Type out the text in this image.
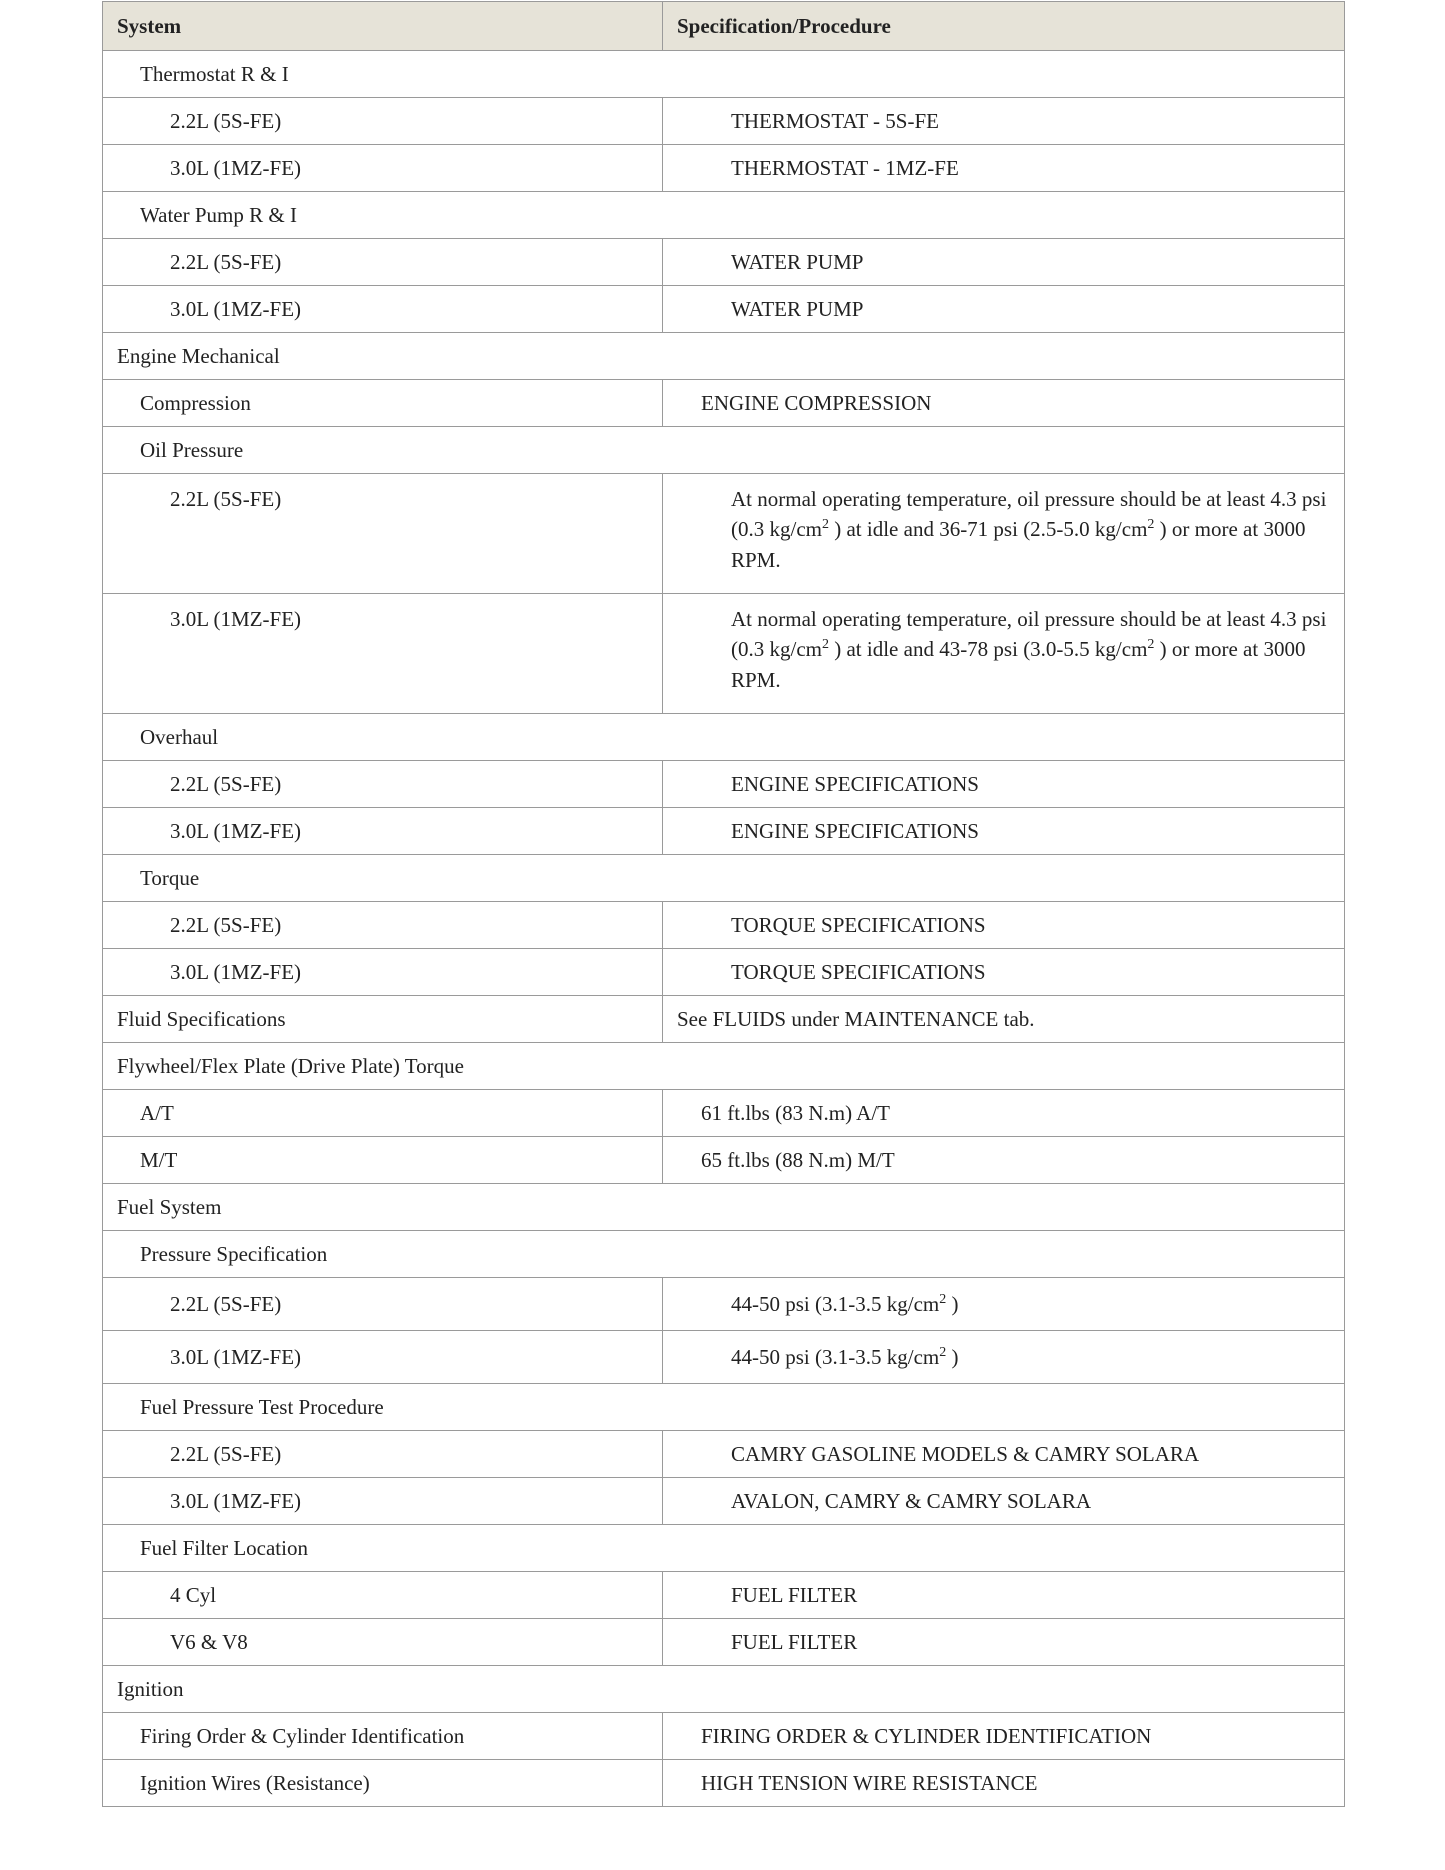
System	Specification/Procedure
Thermostat R & I	
2.2L (5S-FE)	THERMOSTAT - 5S-FE
3.0L (1MZ-FE)	THERMOSTAT - 1MZ-FE
Water Pump R & I	
2.2L (5S-FE)	WATER PUMP
3.0L (1MZ-FE)	WATER PUMP
Engine Mechanical	
Compression	ENGINE COMPRESSION
Oil Pressure	
2.2L (5S-FE)	At normal operating temperature, oil pressure should be at least 4.3 psi (0.3 $kg/cm^2$ ) at idle and 36-71 psi (2.5-5.0 $kg/cm^2$ ) or more at 3000 RPM.
3.0L (1MZ-FE)	At normal operating temperature, oil pressure should be at least 4.3 psi (0.3 $kg/cm^2$ ) at idle and 43-78 psi (3.0-5.5 $kg/cm^2$ ) or more at 3000 RPM.
Overhaul	
2.2L (5S-FE)	ENGINE SPECIFICATIONS
3.0L (1MZ-FE)	ENGINE SPECIFICATIONS
Torque	
2.2L (5S-FE)	TORQUE SPECIFICATIONS
3.0L (1MZ-FE)	TORQUE SPECIFICATIONS
Fluid Specifications	See FLUIDS under MAINTENANCE tab.
Flywheel/Flex Plate (Drive Plate) Torque	
A/T	61 ft.lbs (83 N.m) A/T
M/T	65 ft.lbs (88 N.m) M/T
Fuel System	
Pressure Specification	
2.2L (5S-FE)	44-50 psi (3.1-3.5 $kg/cm^2$ )
3.0L (1MZ-FE)	44-50 psi (3.1-3.5 $kg/cm^2$ )
Fuel Pressure Test Procedure	
2.2L (5S-FE)	CAMRY GASOLINE MODELS & CAMRY SOLARA
3.0L (1MZ-FE)	AVALON, CAMRY & CAMRY SOLARA
Fuel Filter Location	
4 Cyl	FUEL FILTER
V6 & V8	FUEL FILTER
Ignition	
Firing Order & Cylinder Identification	FIRING ORDER & CYLINDER IDENTIFICATION
Ignition Wires (Resistance)	HIGH TENSION WIRE RESISTANCE
